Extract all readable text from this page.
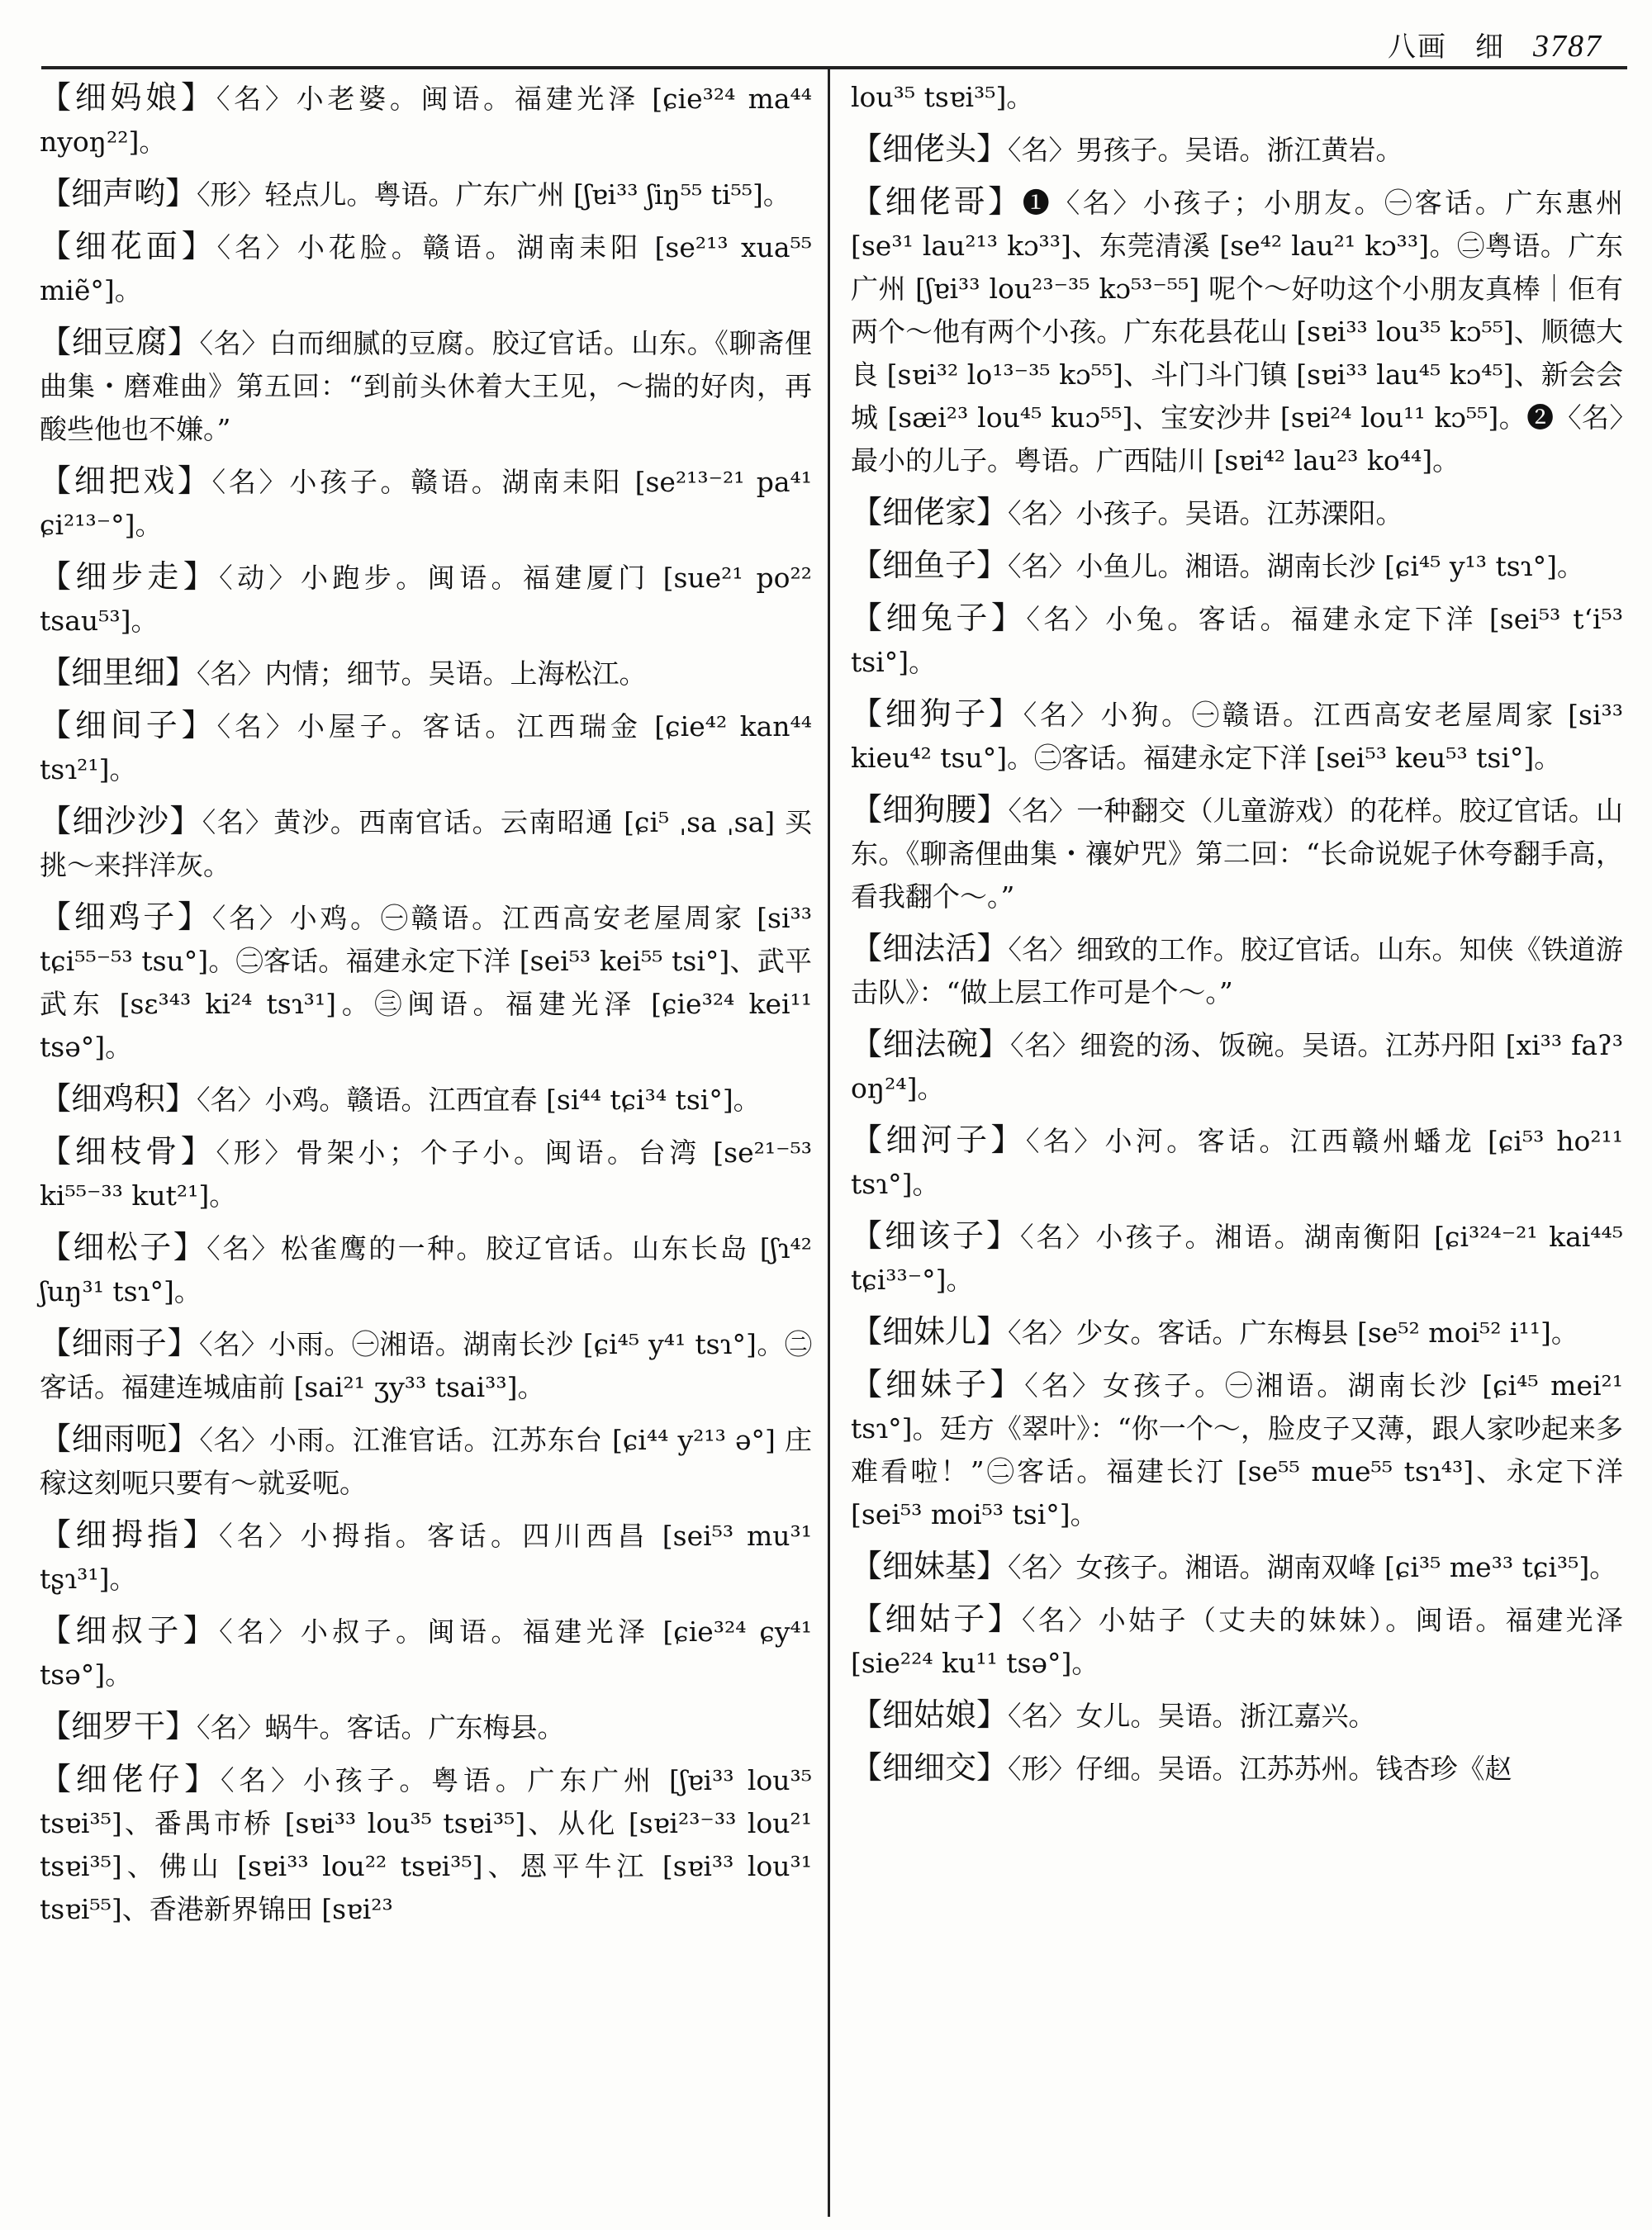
八画 细 3787
【细妈娘】〈名〉小老婆。闽语。福建光泽 [ɕie³²⁴ ma⁴⁴ nyoŋ²²]。
【细声哟】〈形〉轻点儿。粤语。广东广州 [ʃɐi³³ ʃiŋ⁵⁵ ti⁵⁵]。
【细花面】〈名〉小花脸。赣语。湖南耒阳 [se²¹³ xua⁵⁵ miẽ°]。
【细豆腐】〈名〉白而细腻的豆腐。胶辽官话。山东。《聊斋俚曲集・磨难曲》第五回：“到前头休着大王见，～揣的好肉，再酸些他也不嫌。”
【细把戏】〈名〉小孩子。赣语。湖南耒阳 [se²¹³⁻²¹ pa⁴¹ ɕi²¹³⁻°]。
【细步走】〈动〉小跑步。闽语。福建厦门 [sue²¹ po²² tsau⁵³]。
【细里细】〈名〉内情；细节。吴语。上海松江。
【细间子】〈名〉小屋子。客话。江西瑞金 [ɕie⁴² kan⁴⁴ tsɿ²¹]。
【细沙沙】〈名〉黄沙。西南官话。云南昭通 [ɕi⁵ ˌsa ˌsa] 买挑～来拌洋灰。
【细鸡子】〈名〉小鸡。㊀赣语。江西高安老屋周家 [si³³ tɕi⁵⁵⁻⁵³ tsu°]。㊁客话。福建永定下洋 [sei⁵³ kei⁵⁵ tsi°]、武平武东 [sɛ³⁴³ ki²⁴ tsɿ³¹]。㊂闽语。福建光泽 [ɕie³²⁴ kei¹¹ tsə°]。
【细鸡积】〈名〉小鸡。赣语。江西宜春 [si⁴⁴ tɕi³⁴ tsi°]。
【细枝骨】〈形〉骨架小；个子小。闽语。台湾 [se²¹⁻⁵³ ki⁵⁵⁻³³ kut²¹]。
【细松子】〈名〉松雀鹰的一种。胶辽官话。山东长岛 [ʃɿ⁴² ʃuŋ³¹ tsɿ°]。
【细雨子】〈名〉小雨。㊀湘语。湖南长沙 [ɕi⁴⁵ y⁴¹ tsɿ°]。㊁客话。福建连城庙前 [sai²¹ ʒy³³ tsai³³]。
【细雨呃】〈名〉小雨。江淮官话。江苏东台 [ɕi⁴⁴ y²¹³ ə°] 庄稼这刻呃只要有～就妥呃。
【细拇指】〈名〉小拇指。客话。四川西昌 [sei⁵³ mu³¹ tʂɿ³¹]。
【细叔子】〈名〉小叔子。闽语。福建光泽 [ɕie³²⁴ ɕy⁴¹ tsə°]。
【细罗干】〈名〉蜗牛。客话。广东梅县。
【细佬仔】〈名〉小孩子。粤语。广东广州 [ʃɐi³³ lou³⁵ tsɐi³⁵]、番禺市桥 [sɐi³³ lou³⁵ tsɐi³⁵]、从化 [sɐi²³⁻³³ lou²¹ tsɐi³⁵]、佛山 [sɐi³³ lou²² tsɐi³⁵]、恩平牛江 [sɐi³³ lou³¹ tsɐi⁵⁵]、香港新界锦田 [sɐi²³
lou³⁵ tsɐi³⁵]。
【细佬头】〈名〉男孩子。吴语。浙江黄岩。
【细佬哥】❶〈名〉小孩子；小朋友。㊀客话。广东惠州 [se³¹ lau²¹³ kɔ³³]、东莞清溪 [se⁴² lau²¹ kɔ³³]。㊁粤语。广东广州 [ʃɐi³³ lou²³⁻³⁵ kɔ⁵³⁻⁵⁵] 呢个～好叻这个小朋友真棒｜佢有两个～他有两个小孩。广东花县花山 [sɐi³³ lou³⁵ kɔ⁵⁵]、顺德大良 [sɐi³² lo¹³⁻³⁵ kɔ⁵⁵]、斗门斗门镇 [sɐi³³ lau⁴⁵ kɔ⁴⁵]、新会会城 [sæi²³ lou⁴⁵ kuɔ⁵⁵]、宝安沙井 [sɐi²⁴ lou¹¹ kɔ⁵⁵]。❷〈名〉最小的儿子。粤语。广西陆川 [sɐi⁴² lau²³ ko⁴⁴]。
【细佬家】〈名〉小孩子。吴语。江苏溧阳。
【细鱼子】〈名〉小鱼儿。湘语。湖南长沙 [ɕi⁴⁵ y¹³ tsɿ°]。
【细兔子】〈名〉小兔。客话。福建永定下洋 [sei⁵³ tʻi⁵³ tsi°]。
【细狗子】〈名〉小狗。㊀赣语。江西高安老屋周家 [si³³ kieu⁴² tsu°]。㊁客话。福建永定下洋 [sei⁵³ keu⁵³ tsi°]。
【细狗腰】〈名〉一种翻交（儿童游戏）的花样。胶辽官话。山东。《聊斋俚曲集・禳妒咒》第二回：“长命说妮子休夸翻手高，看我翻个～。”
【细法活】〈名〉细致的工作。胶辽官话。山东。知侠《铁道游击队》：“做上层工作可是个～。”
【细法碗】〈名〉细瓷的汤、饭碗。吴语。江苏丹阳 [xi³³ faʔ³ oŋ²⁴]。
【细河子】〈名〉小河。客话。江西赣州蟠龙 [ɕi⁵³ ho²¹¹ tsɿ°]。
【细该子】〈名〉小孩子。湘语。湖南衡阳 [ɕi³²⁴⁻²¹ kai⁴⁴⁵ tɕi³³⁻°]。
【细妹儿】〈名〉少女。客话。广东梅县 [se⁵² moi⁵² i¹¹]。
【细妹子】〈名〉女孩子。㊀湘语。湖南长沙 [ɕi⁴⁵ mei²¹ tsɿ°]。廷方《翠叶》：“你一个～，脸皮子又薄，跟人家吵起来多难看啦！”㊁客话。福建长汀 [se⁵⁵ mue⁵⁵ tsɿ⁴³]、永定下洋 [sei⁵³ moi⁵³ tsi°]。
【细妹基】〈名〉女孩子。湘语。湖南双峰 [ɕi³⁵ me³³ tɕi³⁵]。
【细姑子】〈名〉小姑子（丈夫的妹妹）。闽语。福建光泽 [sie²²⁴ ku¹¹ tsə°]。
【细姑娘】〈名〉女儿。吴语。浙江嘉兴。
【细细交】〈形〉仔细。吴语。江苏苏州。钱杏珍《赵
